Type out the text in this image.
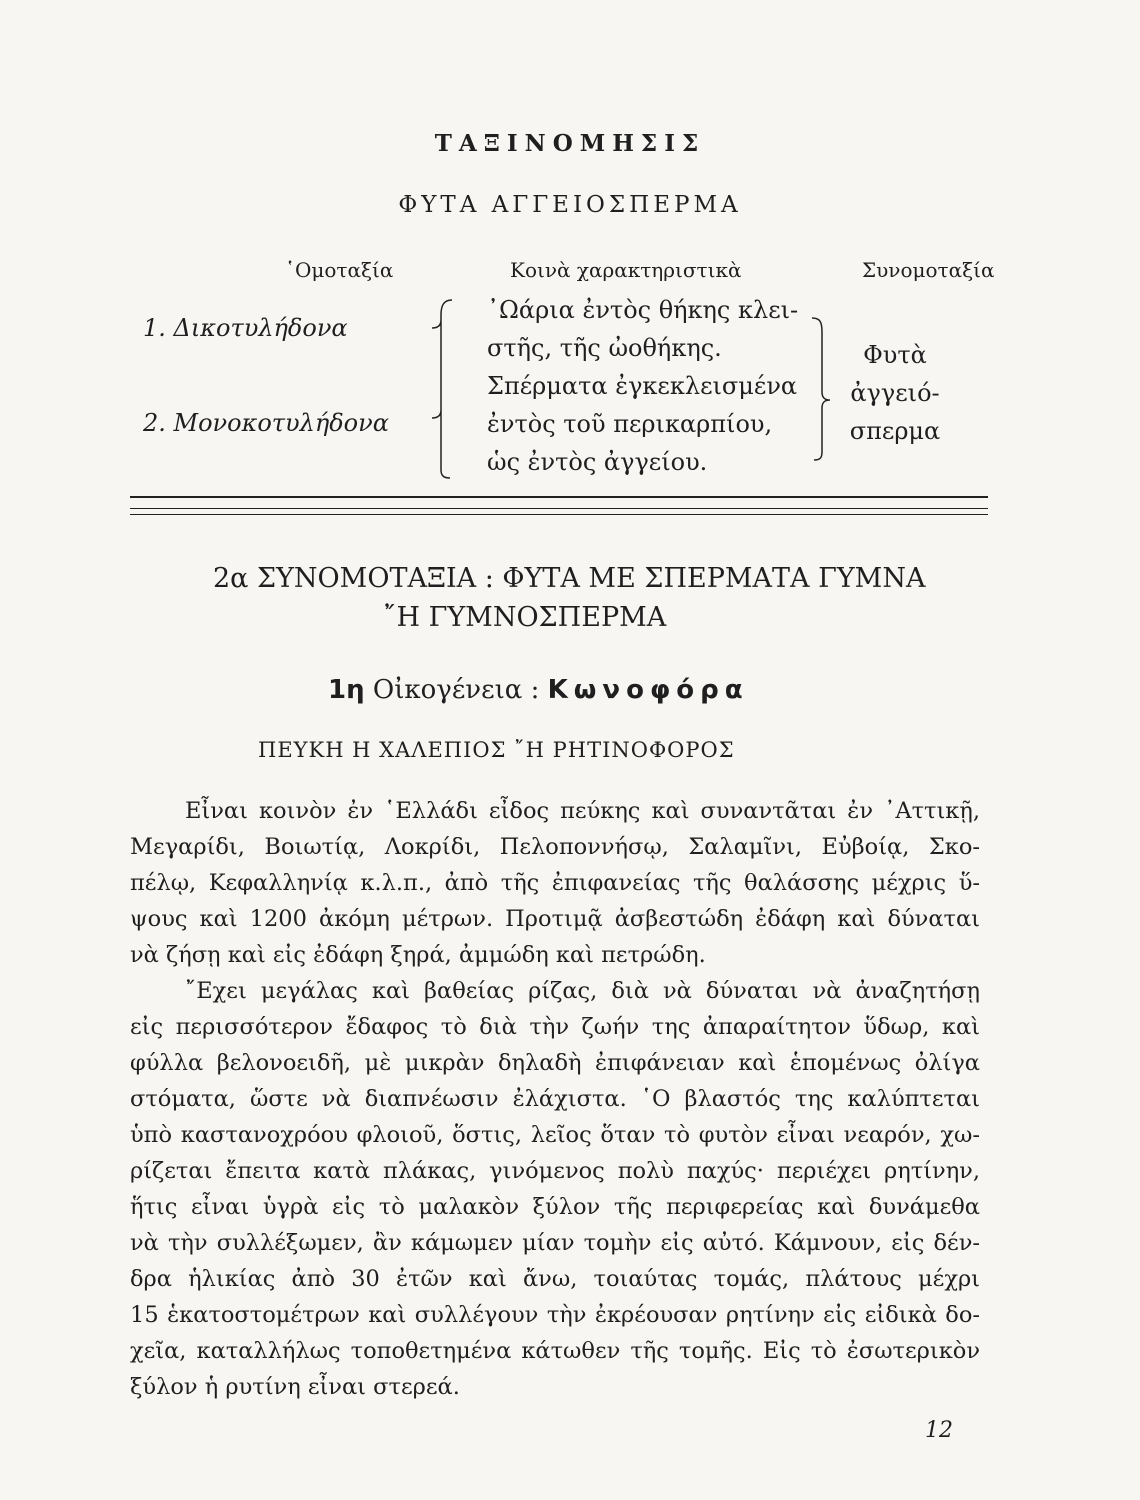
ΤΑΞΙΝΟΜΗΣΙΣ
ΦΥΤΑ ΑΓΓΕΙΟΣΠΕΡΜΑ
῾Ομοταξία	Κοινὰ χαρακτηριστικὰ	Συνομοταξία
1. Δικοτυλήδονα
2. Μονοκοτυλήδονα
᾿Ωάρια ἐντὸς θήκης κλει-
στῆς, τῆς ὠοθήκης.
Σπέρματα ἐγκεκλεισμένα
ἐντὸς τοῦ περικαρπίου,
ὡς ἐντὸς ἀγγείου.
Φυτὰ
ἀγγειό-
σπερμα
2α ΣΥΝΟΜΟΤΑΞΙΑ : ΦΥΤΑ ΜΕ ΣΠΕΡΜΑΤΑ ΓΥΜΝΑ
῎Η ΓΥΜΝΟΣΠΕΡΜΑ
1η Οἰκογένεια : Κωνοφόρα
ΠΕΥΚΗ Η ΧΑΛΕΠΙΟΣ ῎Η ΡΗΤΙΝΟΦΟΡΟΣ
Εἶναι κοινὸν ἐν ῾Ελλάδι εἶδος πεύκης καὶ συναντᾶται ἐν ᾿Αττικῇ,
Μεγαρίδι, Βοιωτίᾳ, Λοκρίδι, Πελοποννήσῳ, Σαλαμῖνι, Εὐβοίᾳ, Σκο-
πέλῳ, Κεφαλληνίᾳ κ.λ.π., ἀπὸ τῆς ἐπιφανείας τῆς θαλάσσης μέχρις ὕ-
ψους καὶ 1200 ἀκόμη μέτρων. Προτιμᾷ ἀσβεστώδη ἐδάφη καὶ δύναται
νὰ ζήσῃ καὶ εἰς ἐδάφη ξηρά, ἀμμώδη καὶ πετρώδη.
῎Εχει μεγάλας καὶ βαθείας ρίζας, διὰ νὰ δύναται νὰ ἀναζητήσῃ
εἰς περισσότερον ἔδαφος τὸ διὰ τὴν ζωήν της ἀπαραίτητον ὕδωρ, καὶ
φύλλα βελονοειδῆ, μὲ μικρὰν δηλαδὴ ἐπιφάνειαν καὶ ἑπομένως ὀλίγα
στόματα, ὥστε νὰ διαπνέωσιν ἐλάχιστα. ῾Ο βλαστός της καλύπτεται
ὑπὸ καστανοχρόου φλοιοῦ, ὅστις, λεῖος ὅταν τὸ φυτὸν εἶναι νεαρόν, χω-
ρίζεται ἔπειτα κατὰ πλάκας, γινόμενος πολὺ παχύς· περιέχει ρητίνην,
ἥτις εἶναι ὑγρὰ εἰς τὸ μαλακὸν ξύλον τῆς περιφερείας καὶ δυνάμεθα
νὰ τὴν συλλέξωμεν, ἂν κάμωμεν μίαν τομὴν εἰς αὐτό. Κάμνουν, εἰς δέν-
δρα ἡλικίας ἀπὸ 30 ἐτῶν καὶ ἄνω, τοιαύτας τομάς, πλάτους μέχρι
15 ἑκατοστομέτρων καὶ συλλέγουν τὴν ἐκρέουσαν ρητίνην εἰς εἰδικὰ δο-
χεῖα, καταλλήλως τοποθετημένα κάτωθεν τῆς τομῆς. Εἰς τὸ ἐσωτερικὸν
ξύλον ἡ ρυτίνη εἶναι στερεά.
12
